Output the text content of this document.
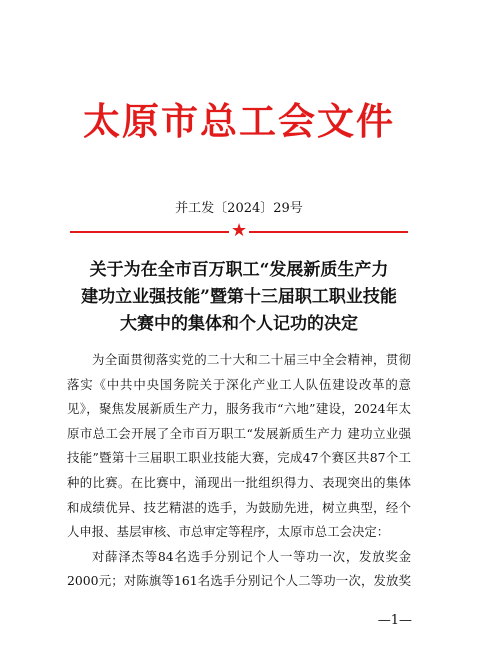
太原市总工会文件
并工发〔2024〕29号
★
关于为在全市百万职工“发展新质生产力
建功立业强技能”暨第十三届职工职业技能
大赛中的集体和个人记功的决定
为全面贯彻落实党的二十大和二十届三中全会精神，贯彻
落实《中共中央国务院关于深化产业工人队伍建设改革的意
见》，聚焦发展新质生产力，服务我市“六地”建设，2024年太
原市总工会开展了全市百万职工“发展新质生产力 建功立业强
技能”暨第十三届职工职业技能大赛，完成47个赛区共87个工
种的比赛。在比赛中，涌现出一批组织得力、表现突出的集体
和成绩优异、技艺精湛的选手，为鼓励先进，树立典型，经个
人申报、基层审核、市总审定等程序，太原市总工会决定：
对薛泽杰等84名选手分别记个人一等功一次，发放奖金
2000元；对陈旗等161名选手分别记个人二等功一次，发放奖
—1—
